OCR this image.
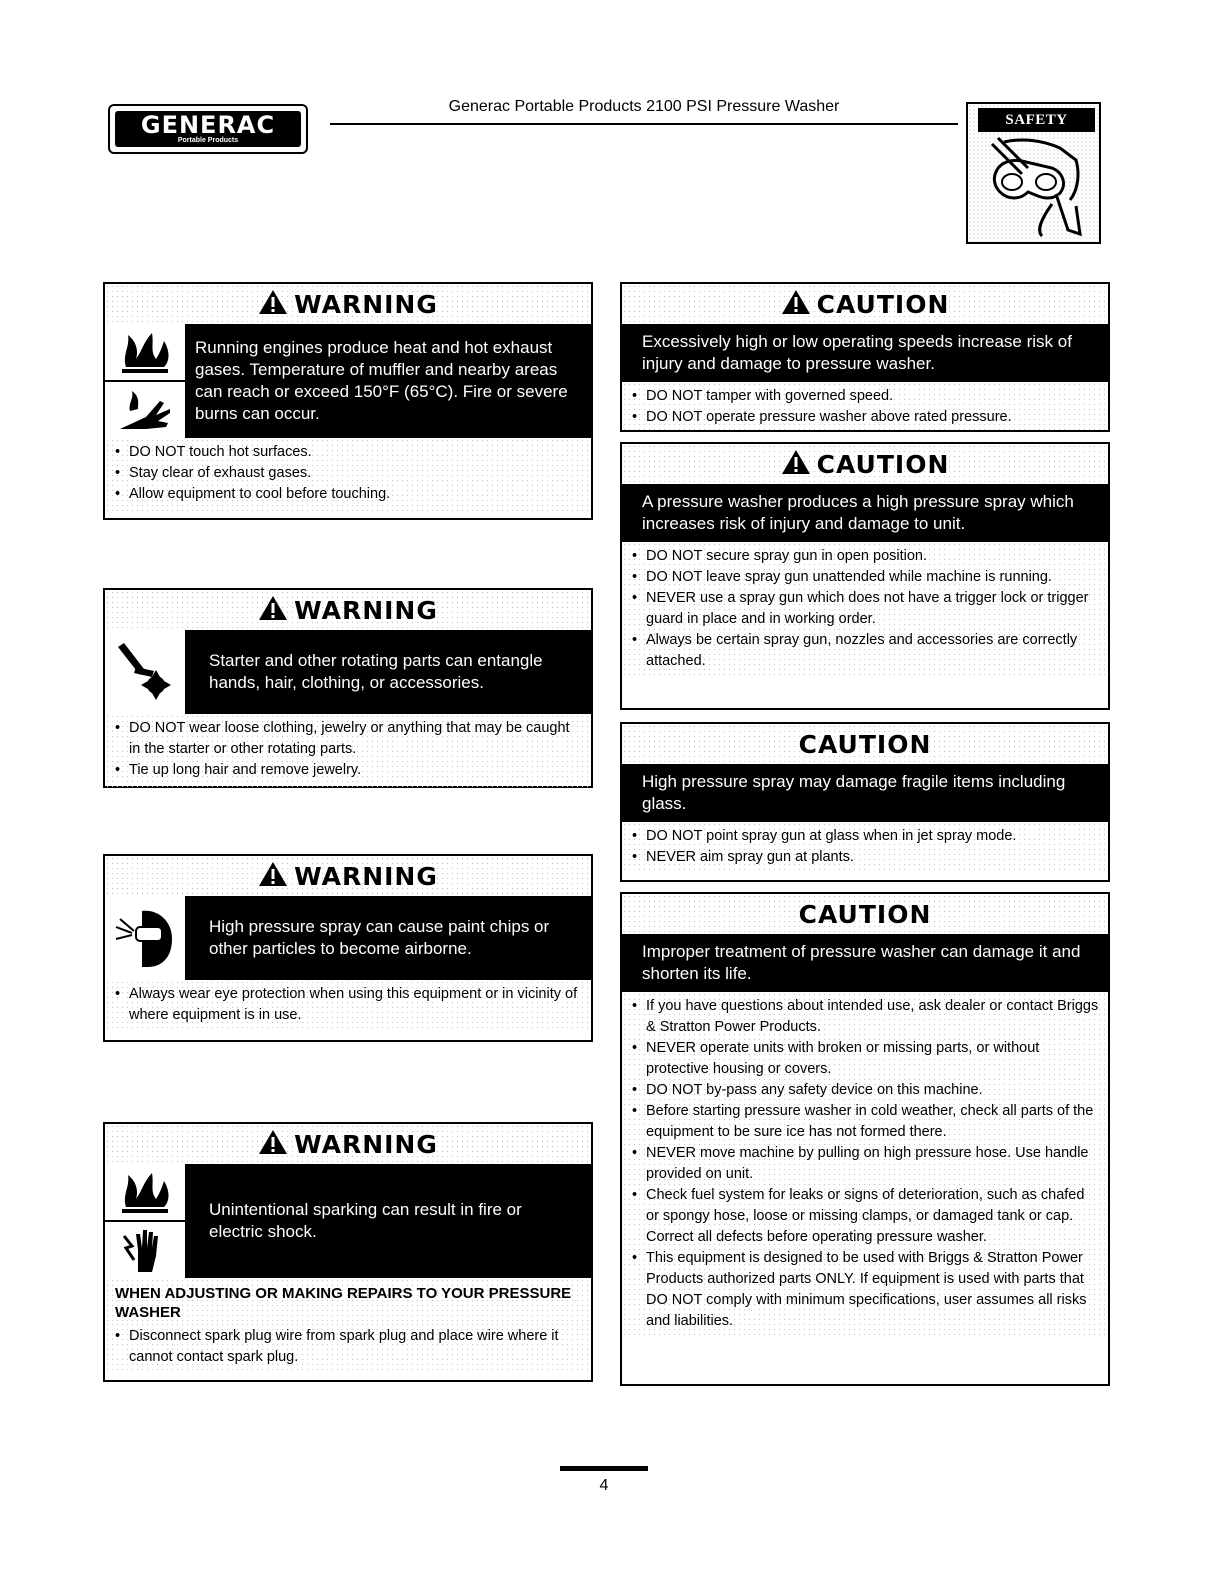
GENERAC
Portable Products
Generac Portable Products 2100 PSI Pressure Washer
SAFETY RULES
WARNING
Running engines produce heat and hot exhaust gases. Temperature of muffler and nearby areas can reach or exceed 150°F (65°C). Fire or severe burns can occur.
• DO NOT touch hot surfaces.
• Stay clear of exhaust gases.
• Allow equipment to cool before touching.
WARNING
Starter and other rotating parts can entangle hands, hair, clothing, or accessories.
• DO NOT wear loose clothing, jewelry or anything that may be caught in the starter or other rotating parts.
• Tie up long hair and remove jewelry.
WARNING
High pressure spray can cause paint chips or other particles to become airborne.
• Always wear eye protection when using this equipment or in vicinity of where equipment is in use.
WARNING
Unintentional sparking can result in fire or electric shock.
WHEN ADJUSTING OR MAKING REPAIRS TO YOUR PRESSURE WASHER
• Disconnect spark plug wire from spark plug and place wire where it cannot contact spark plug.
CAUTION
Excessively high or low operating speeds increase risk of injury and damage to pressure washer.
• DO NOT tamper with governed speed.
• DO NOT operate pressure washer above rated pressure.
CAUTION
A pressure washer produces a high pressure spray which increases risk of injury and damage to unit.
• DO NOT secure spray gun in open position.
• DO NOT leave spray gun unattended while machine is running.
• NEVER use a spray gun which does not have a trigger lock or trigger guard in place and in working order.
• Always be certain spray gun, nozzles and accessories are correctly attached.
CAUTION
High pressure spray may damage fragile items including glass.
• DO NOT point spray gun at glass when in jet spray mode.
• NEVER aim spray gun at plants.
CAUTION
Improper treatment of pressure washer can damage it and shorten its life.
• If you have questions about intended use, ask dealer or contact Briggs & Stratton Power Products.
• NEVER operate units with broken or missing parts, or without protective housing or covers.
• DO NOT by-pass any safety device on this machine.
• Before starting pressure washer in cold weather, check all parts of the equipment to be sure ice has not formed there.
• NEVER move machine by pulling on high pressure hose. Use handle provided on unit.
• Check fuel system for leaks or signs of deterioration, such as chafed or spongy hose, loose or missing clamps, or damaged tank or cap. Correct all defects before operating pressure washer.
• This equipment is designed to be used with Briggs & Stratton Power Products authorized parts ONLY. If equipment is used with parts that DO NOT comply with minimum specifications, user assumes all risks and liabilities.
4
